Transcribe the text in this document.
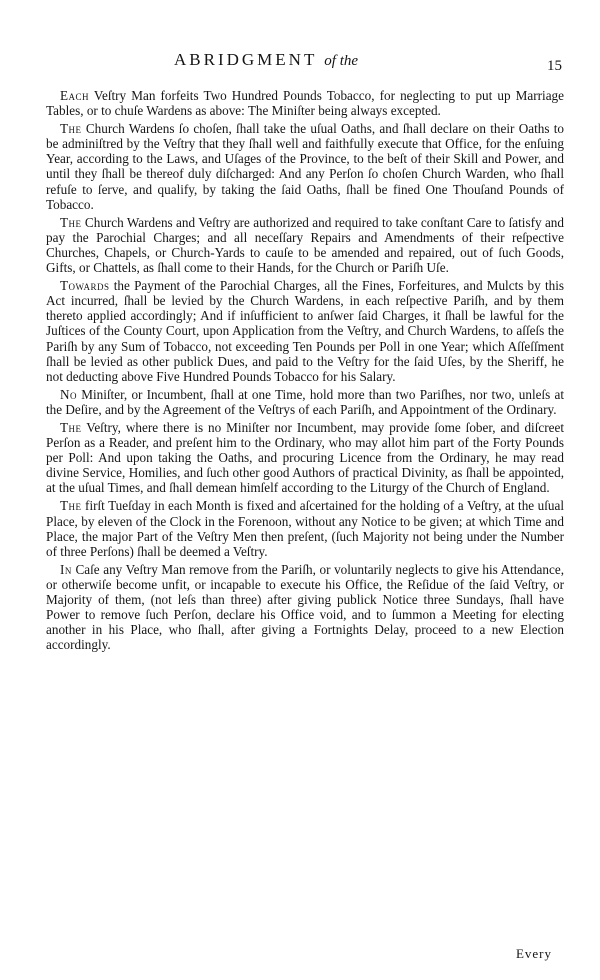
ABRIDGMENT of the	15

Each Veſtry Man forfeits Two Hundred Pounds Tobacco, for neglecting to put up Marriage Tables, or to chuſe Wardens as above: The Miniſter being always excepted.

The Church Wardens ſo choſen, ſhall take the uſual Oaths, and ſhall declare on their Oaths to be adminiſtred by the Veſtry that they ſhall well and faithfully execute that Office, for the enſuing Year, according to the Laws, and Uſages of the Province, to the beſt of their Skill and Power, and until they ſhall be thereof duly diſcharged: And any Perſon ſo choſen Church Warden, who ſhall refuſe to ſerve, and qualify, by taking the ſaid Oaths, ſhall be fined One Thouſand Pounds of Tobacco.

The Church Wardens and Veſtry are authorized and required to take conſtant Care to ſatisfy and pay the Parochial Charges; and all neceſſary Repairs and Amendments of their reſpective Churches, Chapels, or Church-Yards to cauſe to be amended and repaired, out of ſuch Goods, Gifts, or Chattels, as ſhall come to their Hands, for the Church or Pariſh Uſe.

Towards the Payment of the Parochial Charges, all the Fines, Forfeitures, and Mulcts by this Act incurred, ſhall be levied by the Church Wardens, in each reſpective Pariſh, and by them thereto applied accordingly; And if inſufficient to anſwer ſaid Charges, it ſhall be lawful for the Juſtices of the County Court, upon Application from the Veſtry, and Church Wardens, to aſſeſs the Pariſh by any Sum of Tobacco, not exceeding Ten Pounds per Poll in one Year; which Aſſeſſment ſhall be levied as other publick Dues, and paid to the Veſtry for the ſaid Uſes, by the Sheriff, he not deducting above Five Hundred Pounds Tobacco for his Salary.

No Miniſter, or Incumbent, ſhall at one Time, hold more than two Pariſhes, nor two, unleſs at the Deſire, and by the Agreement of the Veſtrys of each Pariſh, and Appointment of the Ordinary.

The Veſtry, where there is no Miniſter nor Incumbent, may provide ſome ſober, and diſcreet Perſon as a Reader, and preſent him to the Ordinary, who may allot him part of the Forty Pounds per Poll: And upon taking the Oaths, and procuring Licence from the Ordinary, he may read divine Service, Homilies, and ſuch other good Authors of practical Divinity, as ſhall be appointed, at the uſual Times, and ſhall demean himſelf according to the Liturgy of the Church of England.

The firſt Tueſday in each Month is fixed and aſcertained for the holding of a Veſtry, at the uſual Place, by eleven of the Clock in the Forenoon, without any Notice to be given; at which Time and Place, the major Part of the Veſtry Men then preſent, (ſuch Majority not being under the Number of three Perſons) ſhall be deemed a Veſtry.

In Caſe any Veſtry Man remove from the Pariſh, or voluntarily neglects to give his Attendance, or otherwiſe become unfit, or incapable to execute his Office, the Reſidue of the ſaid Veſtry, or Majority of them, (not leſs than three) after giving publick Notice three Sundays, ſhall have Power to remove ſuch Perſon, declare his Office void, and to ſummon a Meeting for electing another in his Place, who ſhall, after giving a Fortnights Delay, proceed to a new Election accordingly.

Every
